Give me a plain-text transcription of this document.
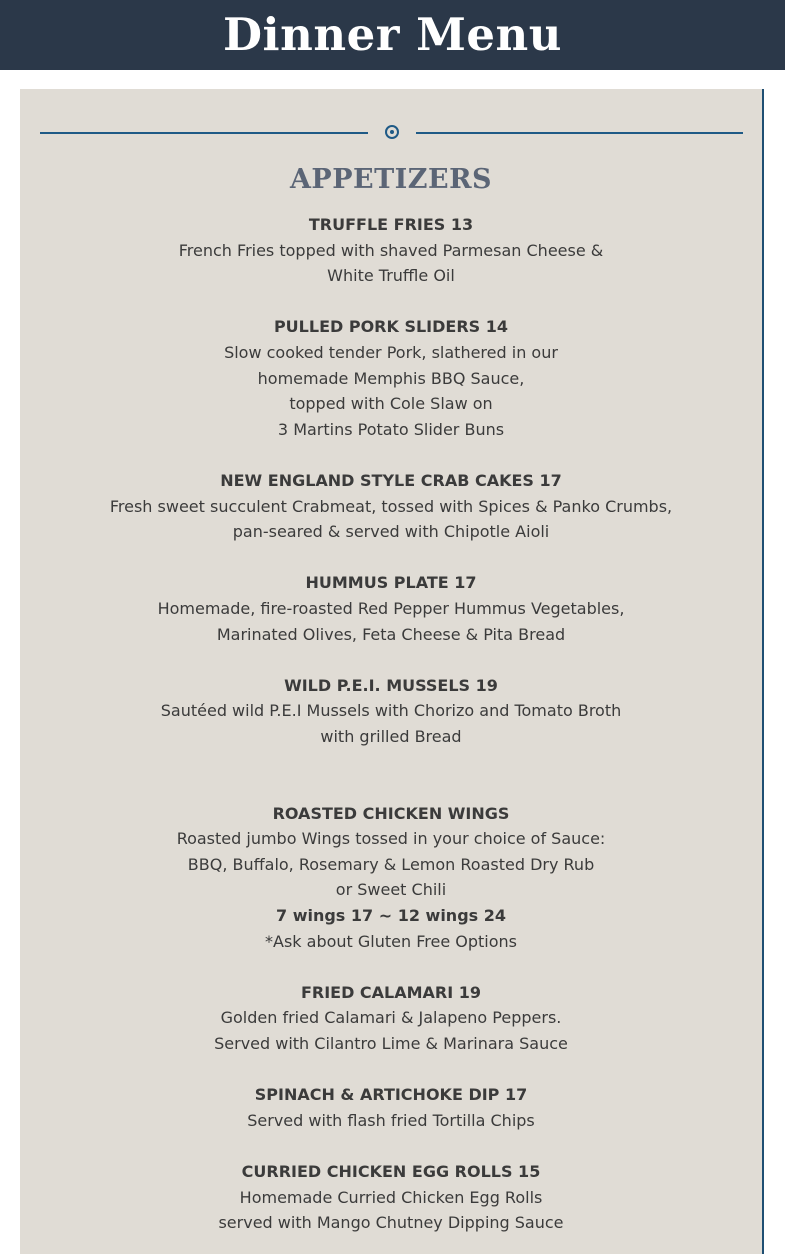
Dinner Menu
APPETIZERS
TRUFFLE FRIES 13
French Fries topped with shaved Parmesan Cheese &
White Truffle Oil
PULLED PORK SLIDERS 14
Slow cooked tender Pork, slathered in our
homemade Memphis BBQ Sauce,
topped with Cole Slaw on
3 Martins Potato Slider Buns
NEW ENGLAND STYLE CRAB CAKES 17
Fresh sweet succulent Crabmeat, tossed with Spices & Panko Crumbs,
pan-seared & served with Chipotle Aioli
HUMMUS PLATE 17
Homemade, fire-roasted Red Pepper Hummus Vegetables,
Marinated Olives, Feta Cheese & Pita Bread
WILD P.E.I. MUSSELS 19
Sautéed wild P.E.I Mussels with Chorizo and Tomato Broth
with grilled Bread
ROASTED CHICKEN WINGS
Roasted jumbo Wings tossed in your choice of Sauce:
BBQ, Buffalo, Rosemary & Lemon Roasted Dry Rub
or Sweet Chili
7 wings 17 ~ 12 wings 24
*Ask about Gluten Free Options
FRIED CALAMARI 19
Golden fried Calamari & Jalapeno Peppers.
Served with Cilantro Lime & Marinara Sauce
SPINACH & ARTICHOKE DIP 17
Served with flash fried Tortilla Chips
CURRIED CHICKEN EGG ROLLS 15
Homemade Curried Chicken Egg Rolls
served with Mango Chutney Dipping Sauce
